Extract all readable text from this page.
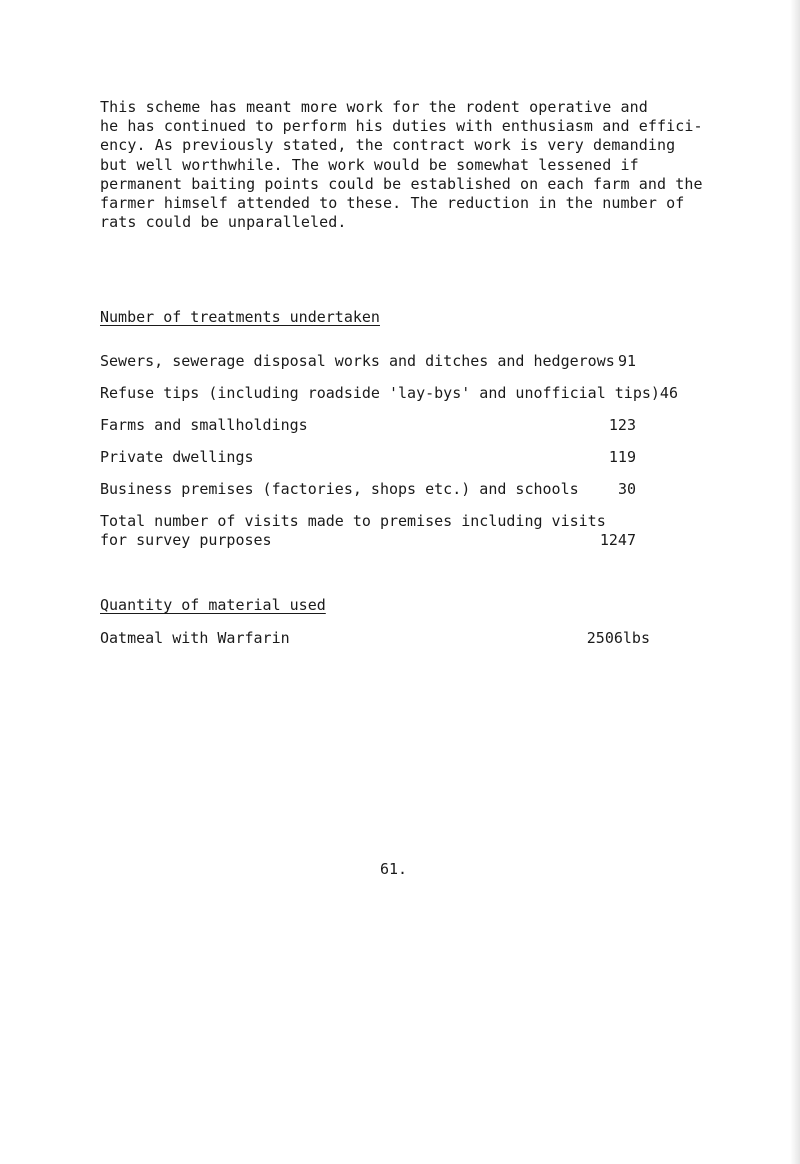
This scheme has meant more work for the rodent operative and
he has continued to perform his duties with enthusiasm and effici-
ency. As previously stated, the contract work is very demanding
but well worthwhile. The work would be somewhat lessened if
permanent baiting points could be established on each farm and the
farmer himself attended to these. The reduction in the number of
rats could be unparalleled.
Number of treatments undertaken
Sewers, sewerage disposal works and ditches and hedgerows 91
Refuse tips (including roadside 'lay-bys' and unofficial tips)46
Farms and smallholdings	123
Private dwellings	119
Business premises (factories, shops etc.) and schools	30
Total number of visits made to premises including visits
for survey purposes	1247
Quantity of material used
Oatmeal with Warfarin	2506lbs
61.
